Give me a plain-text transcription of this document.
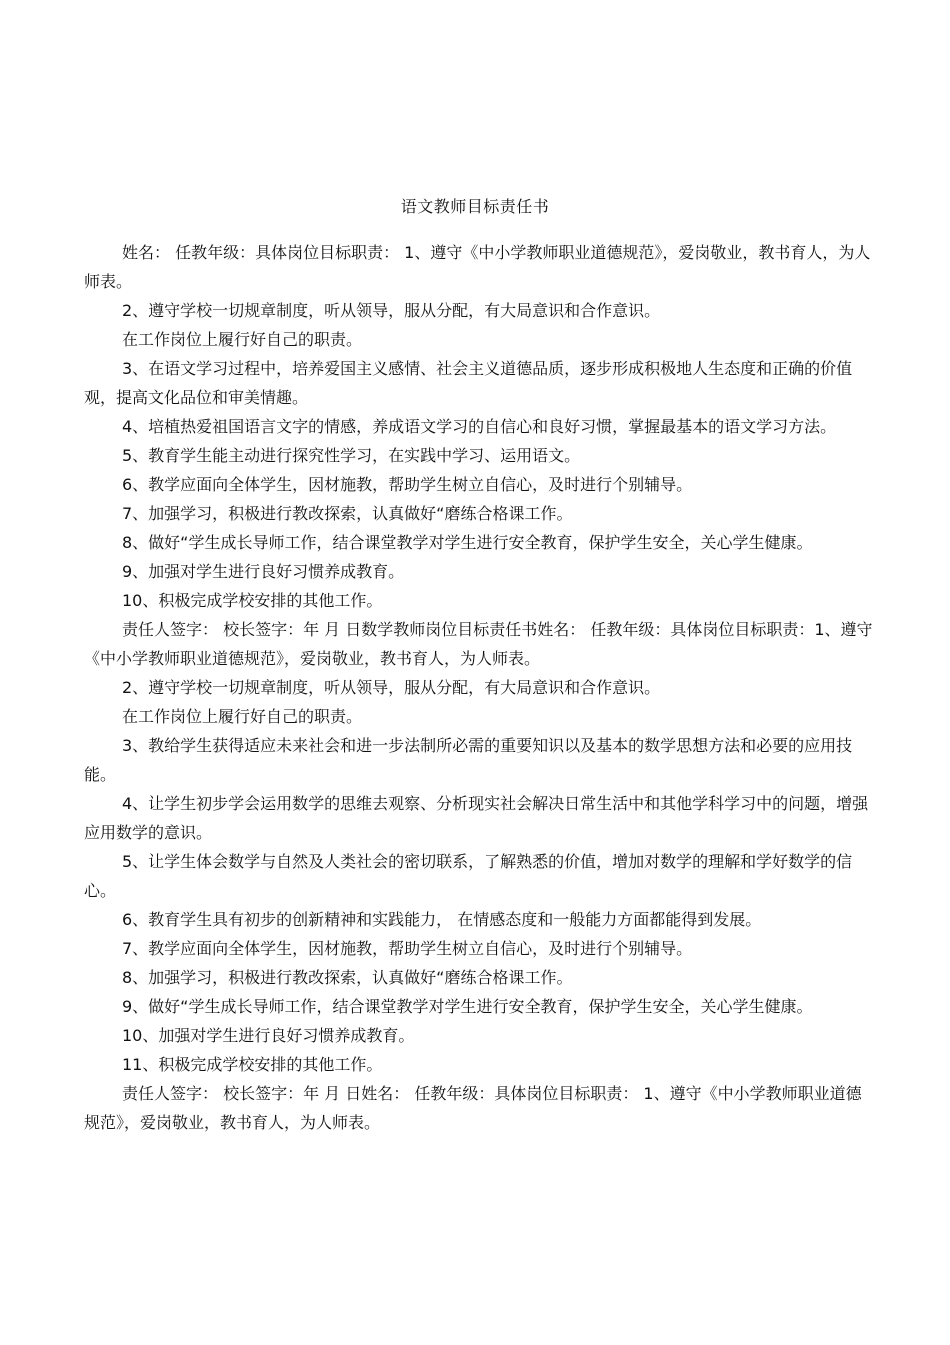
语文教师目标责任书

姓名： 任教年级：具体岗位目标职责： 1、遵守《中小学教师职业道德规范》，爱岗敬业，教书育人，为人师表。

2、遵守学校一切规章制度，听从领导，服从分配，有大局意识和合作意识。

在工作岗位上履行好自己的职责。

3、在语文学习过程中，培养爱国主义感情、社会主义道德品质，逐步形成积极地人生态度和正确的价值观，提高文化品位和审美情趣。

4、培植热爱祖国语言文字的情感，养成语文学习的自信心和良好习惯，掌握最基本的语文学习方法。

5、教育学生能主动进行探究性学习，在实践中学习、运用语文。

6、教学应面向全体学生，因材施教，帮助学生树立自信心，及时进行个别辅导。

7、加强学习，积极进行教改探索，认真做好“磨练合格课工作。

8、做好“学生成长导师工作，结合课堂教学对学生进行安全教育，保护学生安全，关心学生健康。

9、加强对学生进行良好习惯养成教育。

10、积极完成学校安排的其他工作。

责任人签字： 校长签字：年 月 日数学教师岗位目标责任书姓名： 任教年级：具体岗位目标职责：1、遵守《中小学教师职业道德规范》，爱岗敬业，教书育人，为人师表。

2、遵守学校一切规章制度，听从领导，服从分配，有大局意识和合作意识。

在工作岗位上履行好自己的职责。

3、教给学生获得适应未来社会和进一步法制所必需的重要知识以及基本的数学思想方法和必要的应用技能。

4、让学生初步学会运用数学的思维去观察、分析现实社会解决日常生活中和其他学科学习中的问题，增强应用数学的意识。

5、让学生体会数学与自然及人类社会的密切联系，了解熟悉的价值，增加对数学的理解和学好数学的信心。

6、教育学生具有初步的创新精神和实践能力， 在情感态度和一般能力方面都能得到发展。

7、教学应面向全体学生，因材施教，帮助学生树立自信心，及时进行个别辅导。

8、加强学习，积极进行教改探索，认真做好“磨练合格课工作。

9、做好“学生成长导师工作，结合课堂教学对学生进行安全教育，保护学生安全，关心学生健康。

10、加强对学生进行良好习惯养成教育。

11、积极完成学校安排的其他工作。

责任人签字： 校长签字：年 月 日姓名： 任教年级：具体岗位目标职责： 1、遵守《中小学教师职业道德规范》，爱岗敬业，教书育人，为人师表。
